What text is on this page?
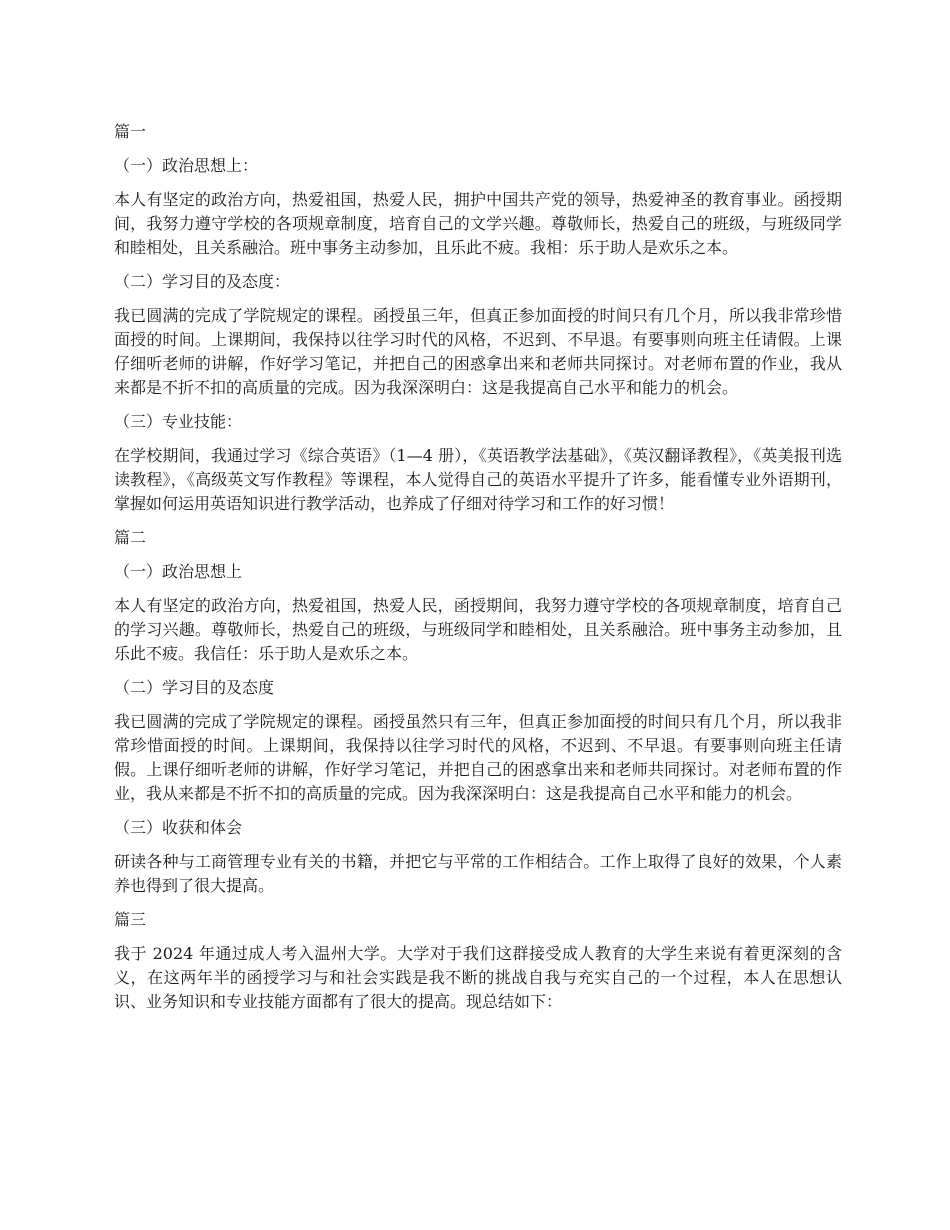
篇一
（一）政治思想上：
本人有坚定的政治方向，热爱祖国，热爱人民，拥护中国共产党的领导，热爱神圣的教育事业。函授期间，我努力遵守学校的各项规章制度，培育自己的文学兴趣。尊敬师长，热爱自己的班级，与班级同学和睦相处，且关系融洽。班中事务主动参加，且乐此不疲。我相：乐于助人是欢乐之本。
（二）学习目的及态度：
我已圆满的完成了学院规定的课程。函授虽三年，但真正参加面授的时间只有几个月，所以我非常珍惜面授的时间。上课期间，我保持以往学习时代的风格，不迟到、不早退。有要事则向班主任请假。上课仔细听老师的讲解，作好学习笔记，并把自己的困惑拿出来和老师共同探讨。对老师布置的作业，我从来都是不折不扣的高质量的完成。因为我深深明白：这是我提高自己水平和能力的机会。
（三）专业技能：
在学校期间，我通过学习《综合英语》（1—4 册），《英语教学法基础》，《英汉翻译教程》，《英美报刊选读教程》，《高级英文写作教程》等课程，本人觉得自己的英语水平提升了许多，能看懂专业外语期刊，掌握如何运用英语知识进行教学活动，也养成了仔细对待学习和工作的好习惯！
篇二
（一）政治思想上
本人有坚定的政治方向，热爱祖国，热爱人民，函授期间，我努力遵守学校的各项规章制度，培育自己的学习兴趣。尊敬师长，热爱自己的班级，与班级同学和睦相处，且关系融洽。班中事务主动参加，且乐此不疲。我信任：乐于助人是欢乐之本。
（二）学习目的及态度
我已圆满的完成了学院规定的课程。函授虽然只有三年，但真正参加面授的时间只有几个月，所以我非常珍惜面授的时间。上课期间，我保持以往学习时代的风格，不迟到、不早退。有要事则向班主任请假。上课仔细听老师的讲解，作好学习笔记，并把自己的困惑拿出来和老师共同探讨。对老师布置的作业，我从来都是不折不扣的高质量的完成。因为我深深明白：这是我提高自己水平和能力的机会。
（三）收获和体会
研读各种与工商管理专业有关的书籍，并把它与平常的工作相结合。工作上取得了良好的效果，个人素养也得到了很大提高。
篇三
我于 2024 年通过成人考入温州大学。大学对于我们这群接受成人教育的大学生来说有着更深刻的含义，在这两年半的函授学习与和社会实践是我不断的挑战自我与充实自己的一个过程，本人在思想认识、业务知识和专业技能方面都有了很大的提高。现总结如下：
